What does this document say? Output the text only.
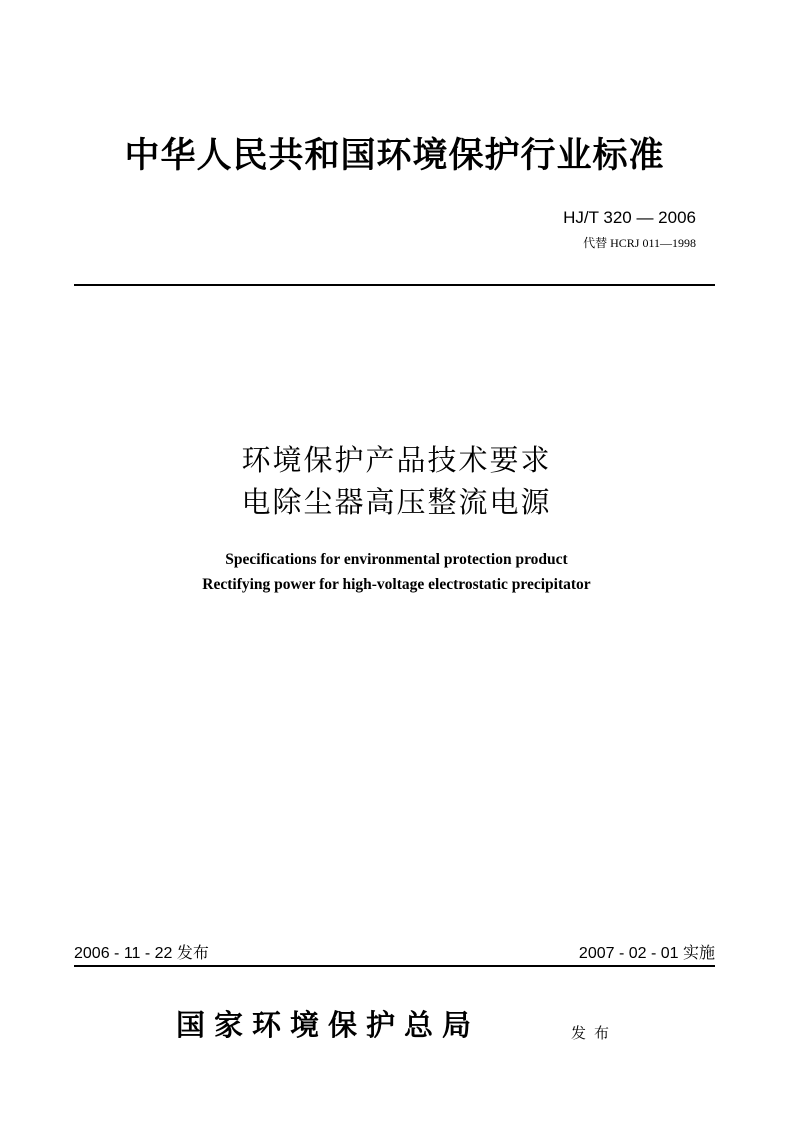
中华人民共和国环境保护行业标准
HJ/T 320 — 2006
代替 HCRJ 011—1998
环境保护产品技术要求
电除尘器高压整流电源
Specifications for environmental protection product
Rectifying power for high-voltage electrostatic precipitator
2006 - 11 - 22 发布	2007 - 02 - 01 实施
国家环境保护总局	发布
